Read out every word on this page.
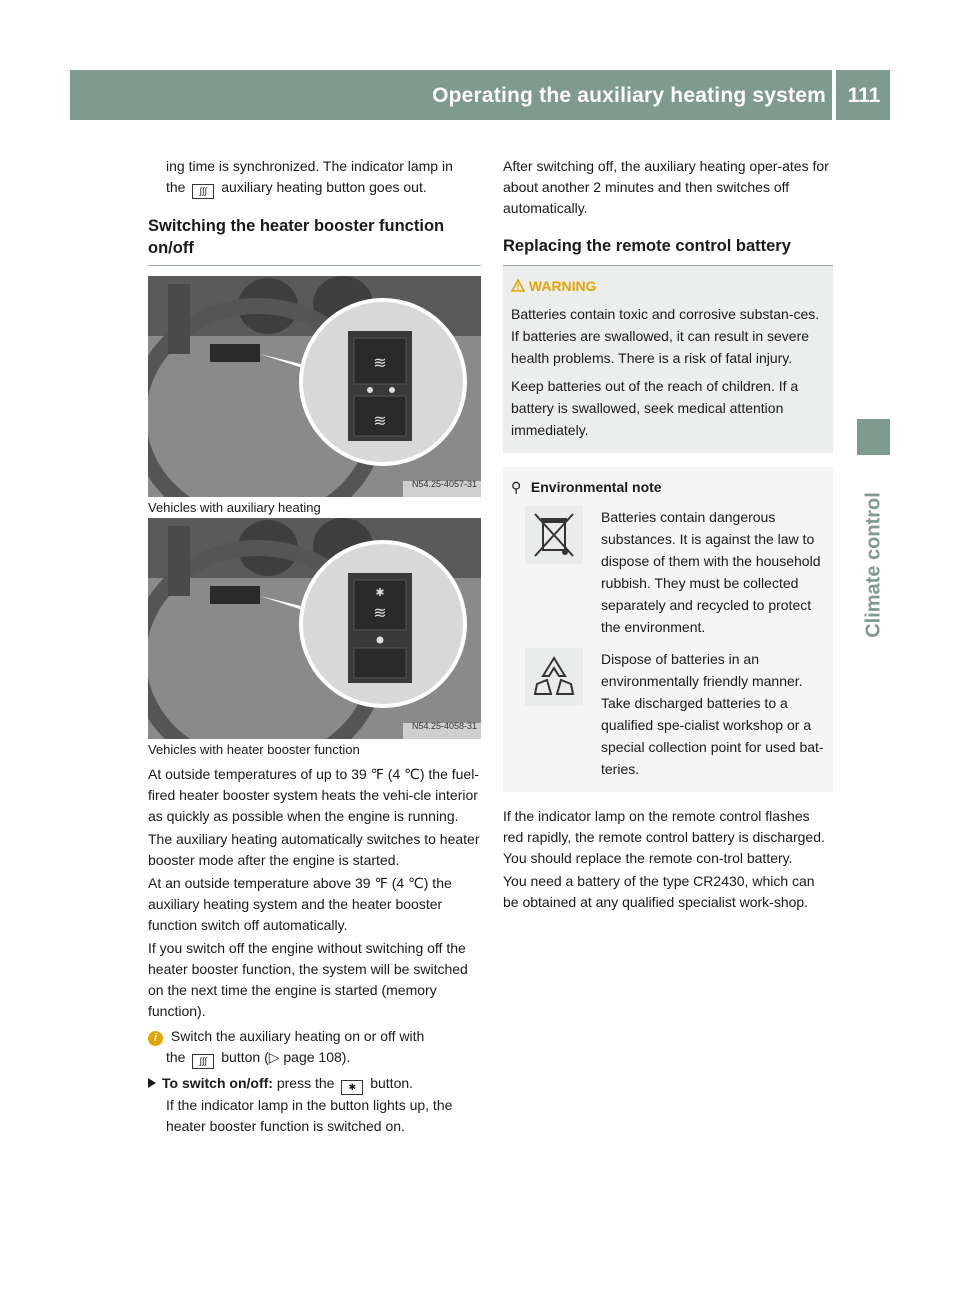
Operating the auxiliary heating system	111
Climate control

ing time is synchronized. The indicator lamp in

the ∫∫∫ auxiliary heating button goes out.

Switching the heater booster function on/off
≋
≋
N54.25-4057-31

Vehicles with auxiliary heating

✱
≋
N54.25-4058-31

Vehicles with heater booster function

At outside temperatures of up to 39 ℉ (4 ℃) the fuel-fired heater booster system heats the vehi-cle interior as quickly as possible when the engine is running.

The auxiliary heating automatically switches to heater booster mode after the engine is started.

At an outside temperature above 39 ℉ (4 ℃) the auxiliary heating system and the heater booster function switch off automatically.

If you switch off the engine without switching off the heater booster function, the system will be switched on the next time the engine is started (memory function).

i Switch the auxiliary heating on or off with

the ∫∫∫ button (▷ page 108).

To switch on/off: press the ✱ button.

If the indicator lamp in the button lights up, the heater booster function is switched on.

After switching off, the auxiliary heating oper-ates for about another 2 minutes and then switches off automatically.

Replacing the remote control battery
WARNING

Batteries contain toxic and corrosive substan-ces. If batteries are swallowed, it can result in severe health problems. There is a risk of fatal injury.

Keep batteries out of the reach of children. If a battery is swallowed, seek medical attention immediately.

⚲ Environmental note
Batteries contain dangerous substances. It is against the law to dispose of them with the household rubbish. They must be collected separately and recycled to protect the environment.
Dispose of batteries in an environmentally friendly manner. Take discharged batteries to a qualified spe-cialist workshop or a special collection point for used bat-teries.

If the indicator lamp on the remote control flashes red rapidly, the remote control battery is discharged. You should replace the remote con-trol battery.

You need a battery of the type CR2430, which can be obtained at any qualified specialist work-shop.
